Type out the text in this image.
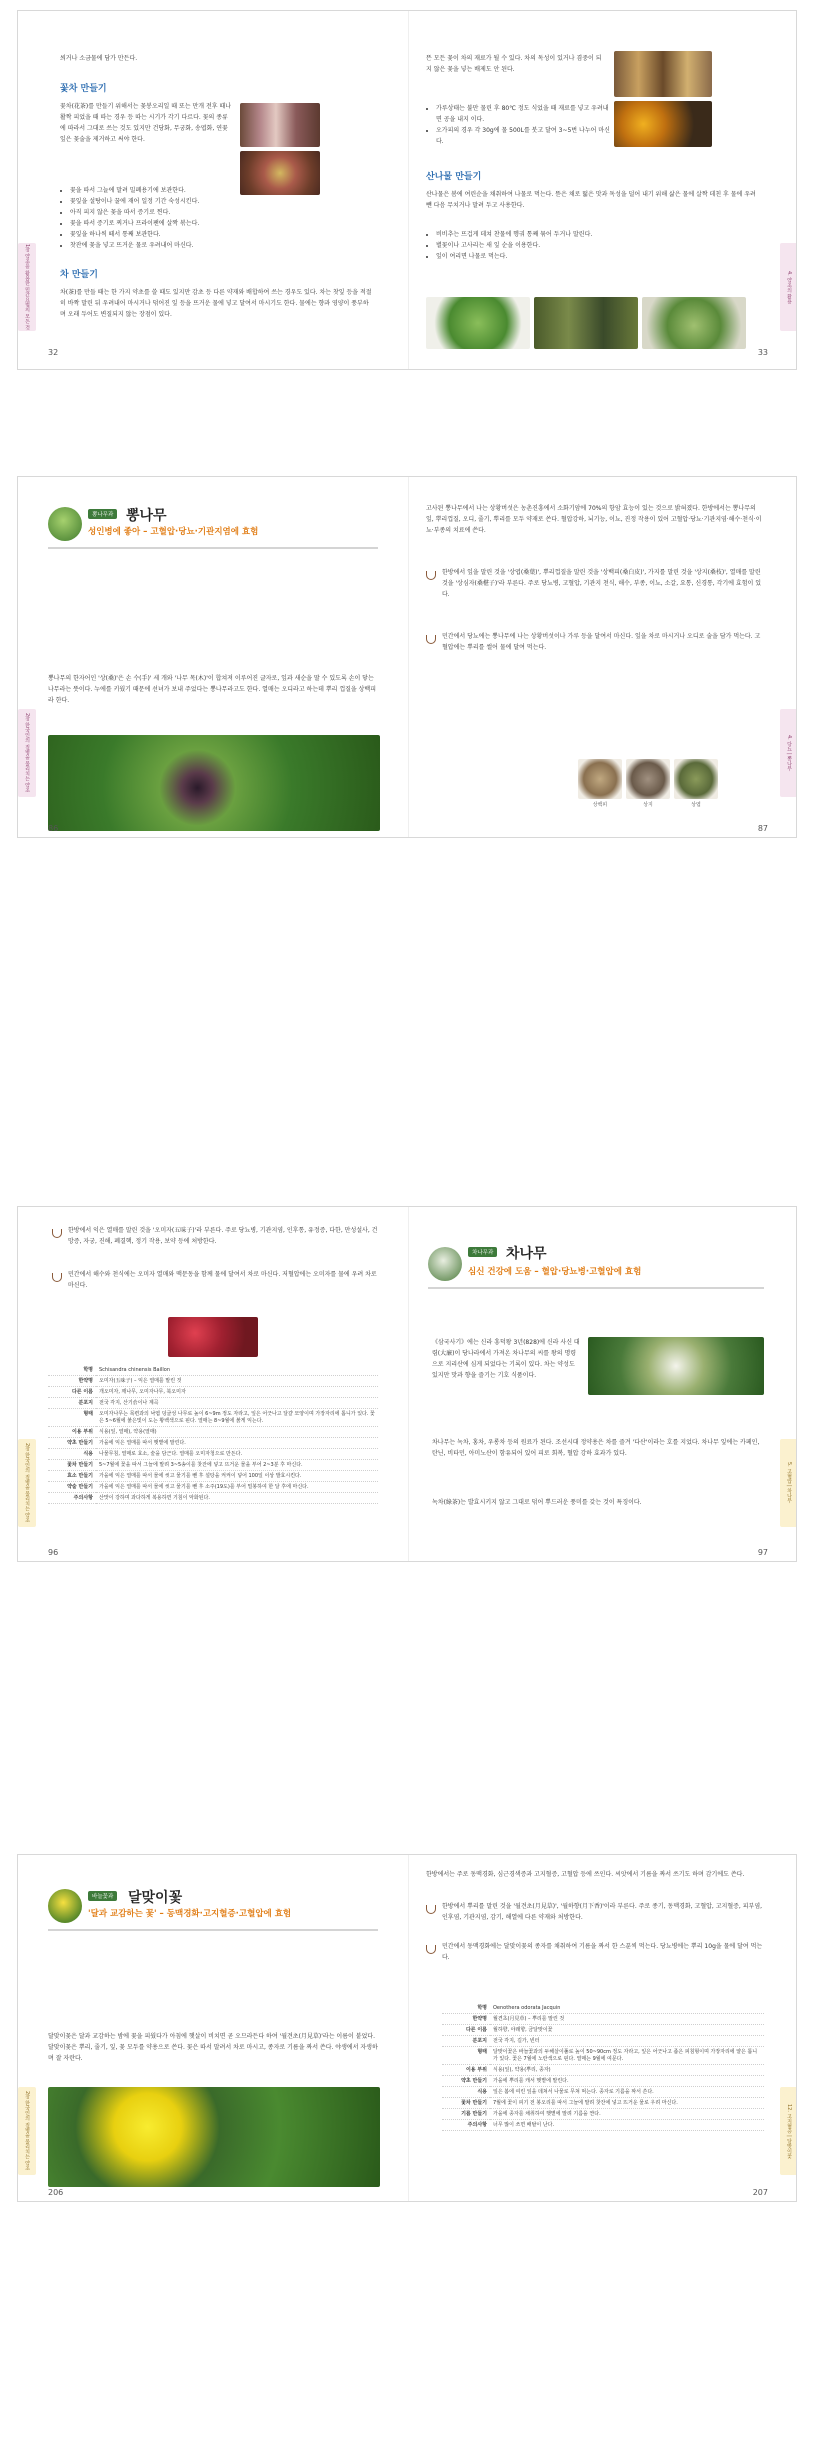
1장 약초를 활용한 민간요법의 모든 것

씌거나 소금물에 담가 만든다.

꽃차 만들기

꽃차(花茶)를 만들기 위해서는 꽃봉오리일 때 또는 만개 전후 때나 활짝 피었을 때 따는 경우 등 따는 시기가 각기 다르다. 꽃의 종류에 따라서 그대로 쓰는 것도 있지만 건당화, 무궁화, 송엽화, 연꽃잎은 꽃술을 제거하고 써야 한다.

• 꽃을 따서 그늘에 말려 밀폐용기에 보관한다.
• 꽃잎을 설탕이나 꿀에 재어 일정 기간 숙성시킨다.
• 아직 피지 않은 꽃을 따서 증기로 찐다.
• 꽃을 따서 증기로 찌거나 프라이팬에 살짝 볶는다.
• 꽃잎을 하나씩 떼서 통째 보관한다.
• 찻잔에 꽃을 넣고 뜨거운 물로 우려내어 마신다.
차 만들기

차(茶)를 만들 때는 한 가지 약초를 쓸 때도 있지만 감초 등 다른 약재와 배합하여 쓰는 경우도 있다. 차는 찻잎 등을 적절히 바짝 말린 뒤 우려내어 마시거나 덖어진 잎 등을 뜨거운 물에 넣고 달여서 마시기도 한다. 물에는 향과 영양이 풍부하며 오래 두어도 변질되지 않는 장점이 있다.

32
4. 약초의 활용

뜬 모든 꽃이 차의 재료가 될 수 있다. 차의 독성이 있거나 겸중이 되지 않은 꽃을 넣는 배제도 안 된다.

• 가루상태는 불만 물린 후 80℃ 정도 식었을 때 재료를 넣고 우려내면 공을 내지 이다.
• 오가피의 경우 각 30g에 물 500L를 붓고 달여 3~5번 나누어 마신다.
산나물 만들기

산나물은 봄에 여린순을 채취하여 나물로 먹는다. 뜯은 채로 떫은 맛과 독성을 덜어 내기 위해 삶은 물에 살짝 데친 후 물에 우려 뺀 다음 무치거나 말려 두고 사용한다.

• 비비추는 뜨겁게 데쳐 찬물에 헹궈 통째 묶어 두거나 말린다.
• 별꽃이나 고사리는 새 잎 순을 이용한다.
• 잎이 여리면 나물로 먹는다.
33
2장 한국인의 질병을 물리치는 약초
뽕나무과 뽕나무
성인병에 좋아 – 고혈압·당뇨·기관지염에 효험

뽕나무의 한자어인 '상(桑)'은 손 수(手)' 세 개와 '나무 목(木)'이 합쳐져 이루어진 글자로, 잎과 새순을 딸 수 있도록 손이 닿는 나무라는 뜻이다. 누에를 키웠기 때문에 선녀가 보내 주었다는 뽕나무라고도 한다. 열매는 오디라고 하는데 뿌리 껍질을 상백피라 한다.

86
4. 당뇨 | 뽕나무

고사된 뽕나무에서 나는 상황버섯은 농촌진흥에서 소화기암에 70%의 항암 효능이 있는 것으로 밝혀졌다. 한방에서는 뽕나무의 잎, 뿌리껍질, 오디, 줄기, 뿌리를 모두 약재로 쓴다. 혈압강하, 뇌기능, 이뇨, 진정 작용이 있어 고혈압·당뇨·기관지염·해수·천식·이뇨·부종의 치료에 쓴다.

한방에서 잎을 말린 것을 '상엽(桑葉)', 뿌리껍질을 말린 것을 '상백피(桑白皮)', 가지를 말린 것을 '상지(桑枝)', 열매를 말린 것을 '상심자(桑椹子)'라 부른다. 주로 당뇨병, 고혈압, 기관지 천식, 해수, 부종, 이뇨, 소갈, 요통, 신경통, 각기에 효험이 있다.

민간에서 당뇨에는 뽕나무에 나는 상황버섯이나 가루 등을 달여서 마신다. 잎을 차로 마시거나 오디로 술을 담가 먹는다. 고혈압에는 뿌리를 썰어 물에 달여 먹는다.

상백피	상지	상엽
87
2장 한국인의 질병을 물리치는 약초

한방에서 익은 열매를 말린 것을 '오미자(五味子)'라 부른다. 주로 당뇨병, 기관지염, 인후통, 유정증, 다한, 만성설사, 건망증, 자궁, 진해, 폐결핵, 정기 작용, 보약 등에 처방한다.

민간에서 해수와 천식에는 오미자 열매와 맥문동을 함께 물에 달여서 차로 마신다. 저혈압에는 오미자를 물에 우려 차로 마신다.

학명	Schisandra chinensis Baillon
한약명	오미자(五味子) – 익은 열매를 말린 것
다른 이름	개오미자, 깨나무, 오미자나무, 북오미자
분포지	전국 각지, 산기슭이나 계곡
형태	오미자나무는 목련과의 낙엽 덩굴성 나무로 높이 6~9m 정도 자라고, 잎은 어긋나고 달걀 모양이며 가장자리에 톱니가 있다. 꽃은 5~6월에 붉은빛이 도는 황백색으로 핀다. 열매는 8~9월에 붉게 익는다.
이용 부위	식용(잎, 열매), 약용(열매)
약초 만들기	가을에 익은 열매를 따서 햇볕에 말린다.
식용	나물무침, 열매로 효소, 술을 담근다. 열매를 오미자청으로 만든다.
꽃차 만들기	5~7월에 꽃을 따서 그늘에 말려 3~5송이를 찻잔에 넣고 뜨거운 물을 부어 2~3분 후 마신다.
효소 만들기	가을에 익은 열매를 따서 물에 씻고 물기를 뺀 후 설탕을 켜켜이 넣어 100일 이상 발효시킨다.
약술 만들기	가을에 익은 열매를 따서 물에 씻고 물기를 뺀 후 소주(19도)를 부어 밀봉하여 한 달 후에 마신다.
주의사항	산맛이 강하며 과다하게 복용하면 기침이 악화된다.
96
5. 고혈압 | 차나무
차나무과 차나무
심신 건강에 도움 – 혈압·당뇨병·고혈압에 효험

《삼국사기》에는 신라 흥덕왕 3년(828)에 신라 사신 대렴(大廉)이 당나라에서 가져온 차나무의 씨를 왕의 명령으로 지리산에 심게 되었다는 기록이 있다. 차는 약성도 있지만 맛과 향을 즐기는 기호 식품이다.

차나무는 녹차, 홍차, 우롱차 등의 원료가 된다. 조선시대 정약용은 차를 즐겨 '다산'이라는 호를 지었다. 차나무 잎에는 카페인, 탄닌, 비타민, 아미노산이 함유되어 있어 피로 회복, 혈압 강하 효과가 있다.

녹차(綠茶)는 발효시키지 않고 그대로 덖어 뿌드러운 풍미를 갖는 것이 특징이다.

97
2장 한국인의 질병을 물리치는 약초
바늘꽃과 달맞이꽃
'달과 교감하는 꽃' – 동맥경화·고지혈증·고혈압에 효험

달맞이꽃은 달과 교감하는 밤에 꽃을 피웠다가 아침에 햇살이 비치면 곧 오므라든다 하여 '월견초(月見草)'라는 이름이 붙었다. 달맞이꽃은 뿌리, 줄기, 잎, 꽃 모두를 약용으로 쓴다. 꽃은 따서 말려서 차로 마시고, 종자로 기름을 짜서 쓴다. 야생에서 자생하며 잘 자란다.

206
12. 고지혈증 | 달맞이꽃

한방에서는 주로 동맥경화, 심근경색증과 고지혈증, 고혈압 등에 쓰인다. 씨앗에서 기름을 짜서 쓰기도 하며 감기에도 쓴다.

한방에서 뿌리를 말린 것을 '월견초(月見草)', '월하향(月下香)'이라 부른다. 주로 종기, 동맥경화, 고혈압, 고지혈증, 피부염, 인후염, 기관지염, 감기, 해열에 다른 약재와 처방한다.

민간에서 동맥경화에는 달맞이꽃의 종자를 채취하여 기름을 짜서 한 스푼씩 먹는다. 당뇨병에는 뿌리 10g을 물에 달여 먹는다.

학명	Oenothera odorata Jacquin
한약명	월견초(月見草) – 뿌리를 말린 것
다른 이름	월하향, 야래향, 금달맞이꽃
분포지	전국 각지, 길가, 빈터
형태	달맞이꽃은 바늘꽃과의 두해살이풀로 높이 50~90cm 정도 자라고, 잎은 어긋나고 좁은 피침형이며 가장자리에 얕은 톱니가 있다. 꽃은 7월에 노란색으로 핀다. 열매는 9월에 여문다.
이용 부위	식용(잎), 약용(뿌리, 종자)
약초 만들기	가을에 뿌리를 캐서 햇볕에 말린다.
식용	잎은 봄에 여린 잎을 데쳐서 나물로 무쳐 먹는다. 종자로 기름을 짜서 쓴다.
꽃차 만들기	7월에 꽃이 피기 전 봉오리를 따서 그늘에 말려 찻잔에 넣고 뜨거운 물로 우려 마신다.
기름 만들기	가을에 종자를 채취하여 햇볕에 말려 기름을 짠다.
주의사항	너무 많이 쓰면 배탈이 난다.
207
